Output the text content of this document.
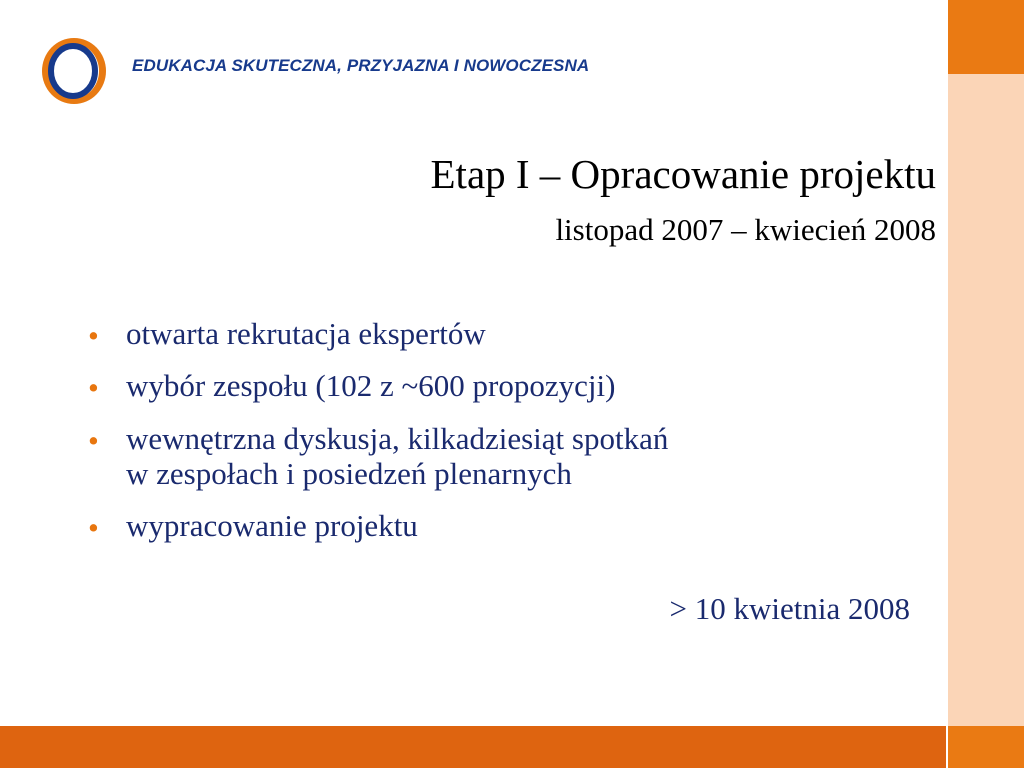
EDUKACJA SKUTECZNA, PRZYJAZNA I NOWOCZESNA
Etap I – Opracowanie projektu
listopad 2007 – kwiecień 2008
• otwarta rekrutacja ekspertów
• wybór zespołu (102 z ~600 propozycji)
• wewnętrzna dyskusja, kilkadziesiąt spotkań
w zespołach i posiedzeń plenarnych
• wypracowanie projektu
> 10 kwietnia 2008
